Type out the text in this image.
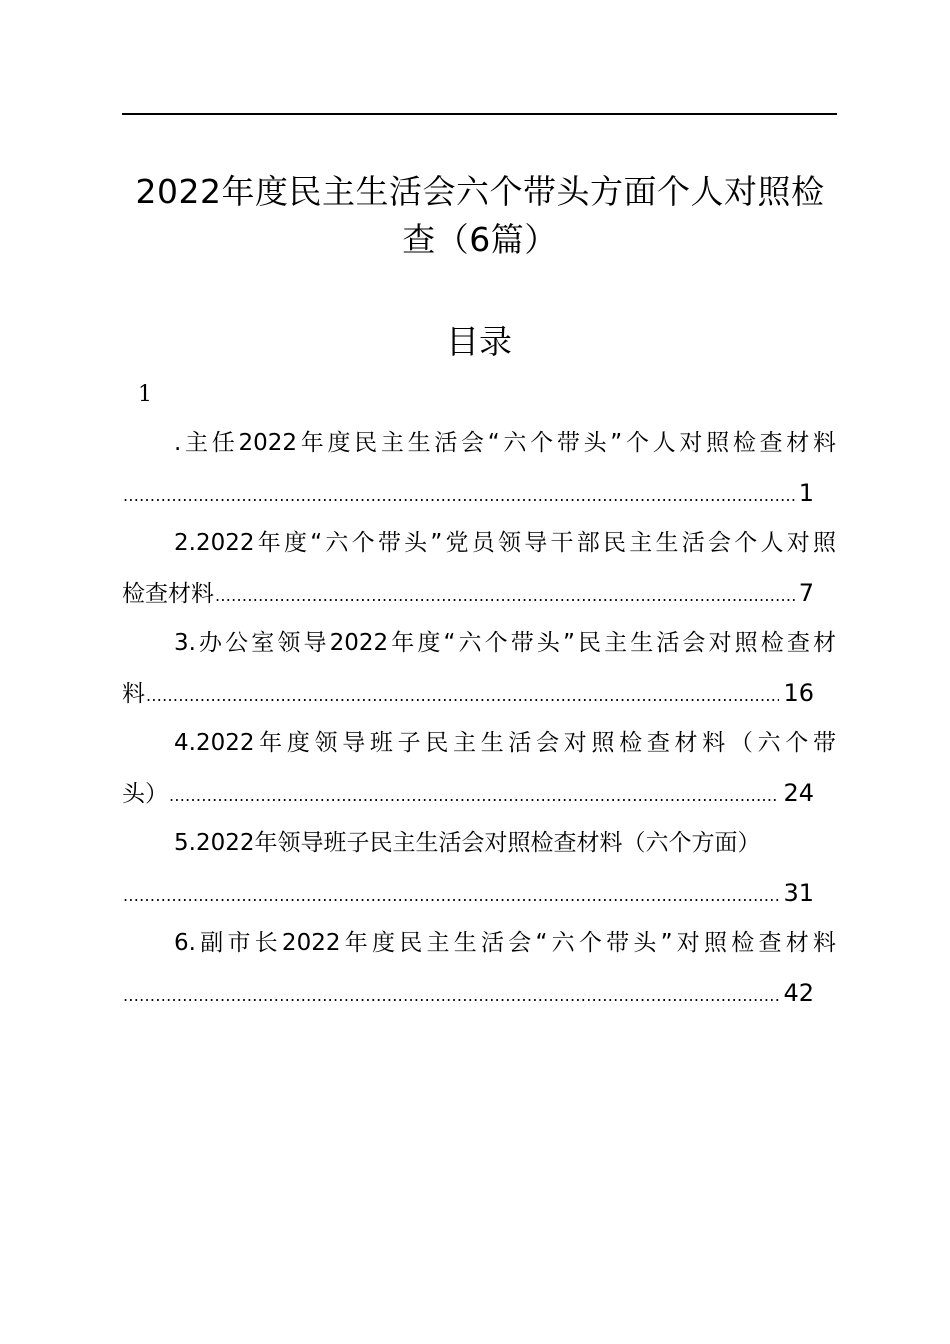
2022年度民主生活会六个带头方面个人对照检
查（6篇）
目录
1
.主任2022年度民主生活会“六个带头”个人对照检查材料
.....
1
2.2022年度“六个带头”党员领导干部民主生活会个人对照
检查材料 .....	7
3.办公室领导2022年度“六个带头”民主生活会对照检查材
料 .....	16
4.2022年度领导班子民主生活会对照检查材料（六个带
头） .....	24
5.2022年领导班子民主生活会对照检查材料（六个方面）
.....
31
6.副市长2022年度民主生活会“六个带头”对照检查材料
.....
42
